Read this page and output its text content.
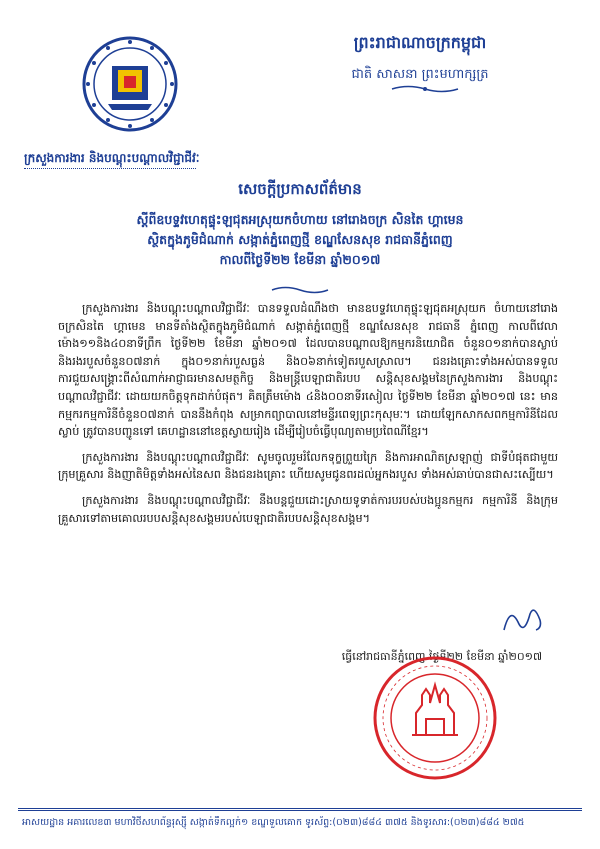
ក្រសួងការងារ និងបណ្តុះបណ្តាលវិជ្ជាជីវៈ
ព្រះរាជាណាចក្រកម្ពុជា
ជាតិ សាសនា ព្រះមហាក្សត្រ
សេចក្តីប្រកាសព័ត៌មាន
ស្តីពីឧបទ្ទវហេតុផ្ទុះឡជុតអស្រុយកចំហាយ នៅរោងចក្រ សិនតៃ ហ្គាមេន
ស្ថិតក្នុងភូមិជំណាក់ សង្កាត់ភ្នំពេញថ្មី ខណ្ឌសែនសុខ រាជធានីភ្នំពេញ
កាលពីថ្ងៃទី២២ ខែមីនា ឆ្នាំ២០១៧

ក្រសួងការងារ និងបណ្តុះបណ្តាលវិជ្ជាជីវៈ បានទទួលដំណឹងថា មានឧបទ្ទវហេតុផ្ទុះឡជុតអស្រុយក ចំហាយនៅរោងចក្រសិនតៃ ហ្គាមេន មានទីតាំងស្ថិតក្នុងភូមិជំណាក់ សង្កាត់ភ្នំពេញថ្មី ខណ្ឌសែនសុខ រាជធានី ភ្នំពេញ កាលពីវេលាម៉ោង១១និង៤០នាទីព្រឹក ថ្ងៃទី២២ ខែមីនា ឆ្នាំ២០១៧ ដែលបានបណ្តាលឱ្យកម្មករនិយោជិត ចំនួន០១នាក់បានស្លាប់ និងរងរបួសចំនួន០៧នាក់ ក្នុង០១នាក់របួសធ្ងន់ និង០៦នាក់ទៀតរបួសស្រាល។ ជនរងគ្រោះទាំងអស់បានទទួលការជួយសង្គ្រោះពីសំណាក់អាជ្ញាធរមានសមត្ថកិច្ច និងមន្ត្រីបេឡាជាតិរបប សន្តិសុខសង្គមនៃក្រសួងការងារ និងបណ្តុះបណ្តាលវិជ្ជាជីវៈ ដោយយកចិត្តទុកដាក់បំផុត។ គិតត្រឹមម៉ោង ៤និង០០នាទីរសៀល ថ្ងៃទី២២ ខែមីនា ឆ្នាំ២០១៧ នេះ មានកម្មករកម្មការិនីចំនួន០៧នាក់ បាននឹងកំពុង សម្រាកព្យាបាលនៅមន្ទីរពេទ្យព្រះកុសុមៈ។ ដោយឡែកសាកសពកម្មការិនីដែលស្លាប់ ត្រូវបានបញ្ជូនទៅ គេហដ្ឋាននៅខេត្តស្វាយរៀង ដើម្បីរៀបចំធ្វើបុណ្យតាមប្រពៃណីខ្មែរ។

ក្រសួងការងារ និងបណ្តុះបណ្តាលវិជ្ជាជីវៈ សូមចូលរួមរំលែកទុក្ខព្រួយក្រៃ និងការអាណិតស្រឡាញ់ ជាទីបំផុតជាមួយក្រុមគ្រួសារ និងញាតិមិត្តទាំងអស់នៃសព និងជនរងគ្រោះ ហើយសូមជូនពរដល់អ្នកងរបួស ទាំងអស់ឆាប់បានជាសះស្បើយ។

ក្រសួងការងារ និងបណ្តុះបណ្តាលវិជ្ជាជីវៈ នឹងបន្តជួយដោះស្រាយទូទាត់ការបរបស់បងប្អូនកម្មករ កម្មការិនី និងក្រុមគ្រួសារទៅតាមគោលរបបសន្តិសុខសង្គមរបស់បេឡាជាតិរបបសន្តិសុខសង្គម។

ធ្វើនៅរាជធានីភ្នំពេញ ថ្ងៃទី២២ ខែមីនា ឆ្នាំ២០១៧
អាសយដ្ឋាន អគារលេខ៣ មហាវិថីសហព័ន្ធរុស្ស៊ី សង្កាត់ទឹកល្អក់១ ខណ្ឌទួលគោក ទូរស័ព្ទ:(០២៣)៨៨៤ ៣៧៥ និងទូរសារ:(០២៣)៨៨៤ ២៧៥
